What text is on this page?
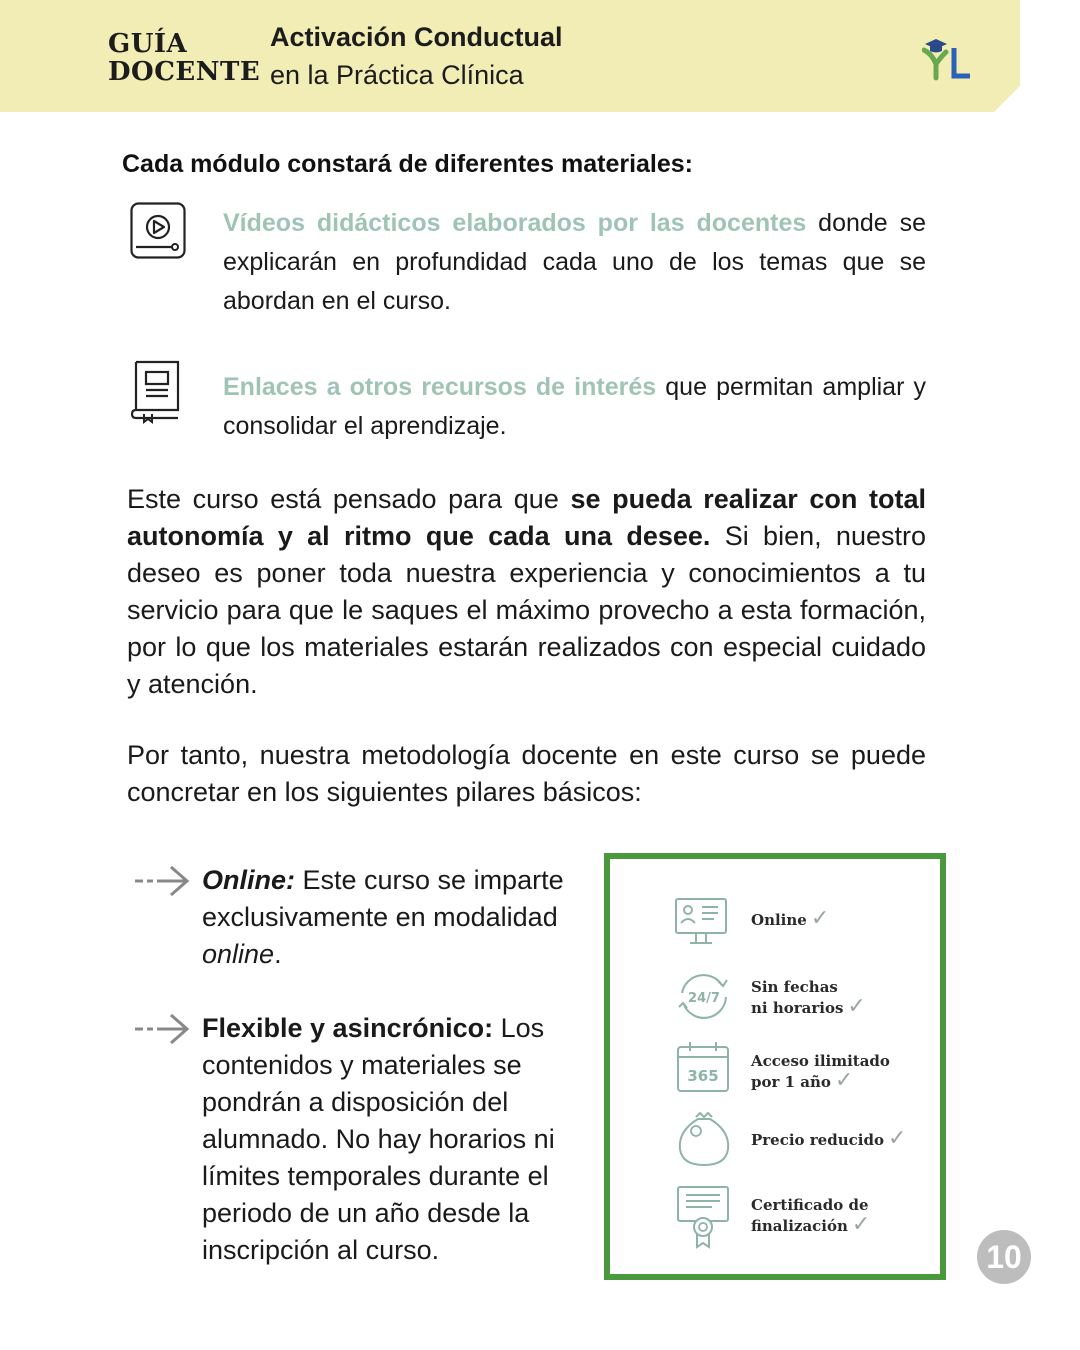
GUÍA
DOCENTE
Activación Conductual
en la Práctica Clínica
Cada módulo constará de diferentes materiales:
Vídeos didácticos elaborados por las docentes donde se explicarán en profundidad cada uno de los temas que se abordan en el curso.
Enlaces a otros recursos de interés que permitan ampliar y consolidar el aprendizaje.
Este curso está pensado para que se pueda realizar con total autonomía y al ritmo que cada una desee. Si bien, nuestro deseo es poner toda nuestra experiencia y conocimientos a tu servicio para que le saques el máximo provecho a esta formación, por lo que los materiales estarán realizados con especial cuidado y atención.
Por tanto, nuestra metodología docente en este curso se puede concretar en los siguientes pilares básicos:
Online: Este curso se imparte exclusivamente en modalidad online.
Flexible y asincrónico: Los contenidos y materiales se pondrán a disposición del alumnado. No hay horarios ni límites temporales durante el periodo de un año desde la inscripción al curso.
Online ✓
24/7
Sin fechas
ni horarios ✓
365
Acceso ilimitado
por 1 año ✓
Precio reducido ✓
Certificado de
finalización ✓
10
